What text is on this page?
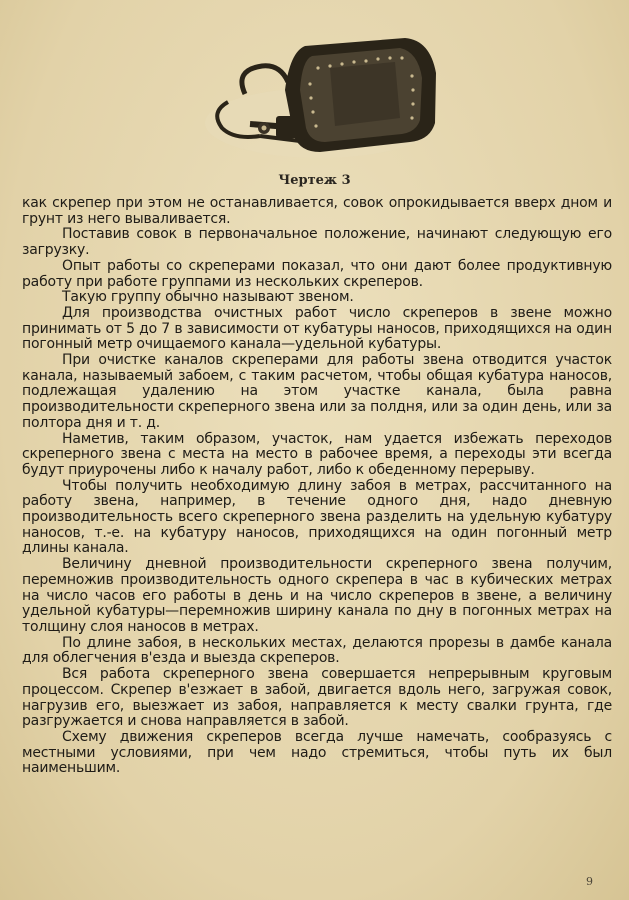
Чертеж 3

как скрепер при этом не останавливается, совок опрокидывается вверх дном и грунт из него вываливается.

Поставив совок в первоначальное положение, начинают следующую его загрузку.

Опыт работы со скреперами показал, что они дают более продуктивную работу при работе группами из нескольких скреперов.

Такую группу обычно называют звеном.

Для производства очистных работ число скреперов в звене можно принимать от 5 до 7 в зависимости от кубатуры наносов, приходящихся на один погонный метр очищаемого канала—удельной кубатуры.

При очистке каналов скреперами для работы звена отводится участок канала, называемый забоем, с таким расчетом, чтобы общая кубатура наносов, подлежащая удалению на этом участке канала, была равна производительности скреперного звена или за полдня, или за один день, или за полтора дня и т. д.

Наметив, таким образом, участок, нам удается избежать переходов скреперного звена с места на место в рабочее время, а переходы эти всегда будут приурочены либо к началу работ, либо к обеденному перерыву.

Чтобы получить необходимую длину забоя в метрах, рассчитанного на работу звена, например, в течение одного дня, надо дневную производительность всего скреперного звена разделить на удельную кубатуру наносов, т.-е. на кубатуру наносов, приходящихся на один погонный метр длины канала.

Величину дневной производительности скреперного звена получим, перемножив производительность одного скрепера в час в кубических метрах на число часов его работы в день и на число скреперов в звене, а величину удельной кубатуры—перемножив ширину канала по дну в погонных метрах на толщину слоя наносов в метрах.

По длине забоя, в нескольких местах, делаются прорезы в дамбе канала для облегчения в'езда и выезда скреперов.

Вся работа скреперного звена совершается непрерывным круговым процессом. Скрепер в'езжает в забой, двигается вдоль него, загружая совок, нагрузив его, выезжает из забоя, направляется к месту свалки грунта, где разгружается и снова направляется в забой.

Схему движения скреперов всегда лучше намечать, сообразуясь с местными условиями, при чем надо стремиться, чтобы путь их был наименьшим.

9
